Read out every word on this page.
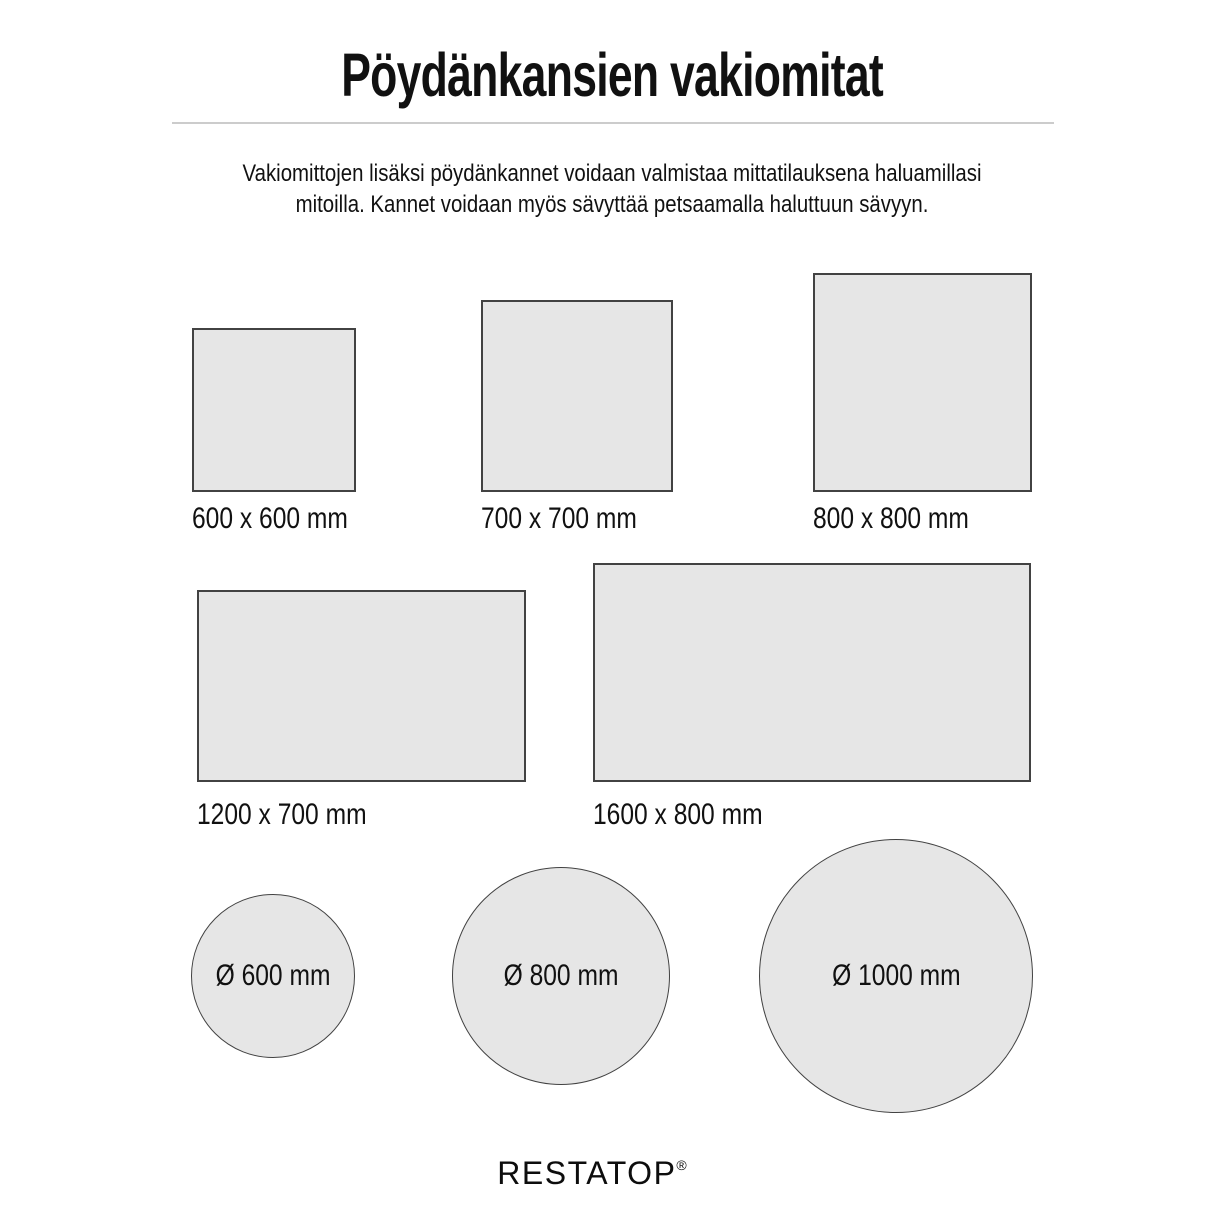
Pöydänkansien vakiomitat
Vakiomittojen lisäksi pöydänkannet voidaan valmistaa mittatilauksena haluamillasi
mitoilla. Kannet voidaan myös sävyttää petsaamalla haluttuun sävyyn.
600 x 600 mm	700 x 700 mm	800 x 800 mm
1200 x 700 mm	1600 x 800 mm
Ø 600 mm	Ø 800 mm	Ø 1000 mm
RESTATOP®
